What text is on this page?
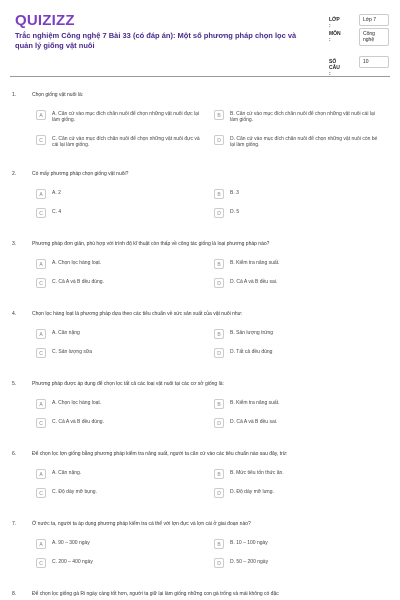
QUIZIZZ
Trắc nghiệm Công nghệ 7 Bài 33 (có đáp án): Một số phương pháp chọn lọc và quản lý giống vật nuôi
LỚP :
Lớp 7
MÔN :
Công nghệ
SỐ CÂU :
10
1.	Chọn giống vật nuôi là:
A	A. Căn cứ vào mục đích chăn nuôi để chọn những vật nuôi đực lại làm giống.
B	B. Căn cứ vào mục đích chăn nuôi để chọn những vật nuôi cái lại làm giống.
C	C. Căn cứ vào mục đích chăn nuôi để chọn những vật nuôi đực và cái lại làm giống.
D	D. Căn cứ vào mục đích chăn nuôi để chọn những vật nuôi còn bé lại làm giống.
2.	Có mấy phương pháp chọn giống vật nuôi?
A	A. 2	B	B. 3
C	C. 4	D	D. 5
3.	Phương pháp đơn giản, phù hợp với trình độ kĩ thuật còn thấp về công tác giống là loại phương pháp nào?
A	A. Chọn lọc hàng loạt.	B	B. Kiểm tra năng suất.
C	C. Cả A và B đều đúng.	D	D. Cả A và B đều sai.
4.	Chọn lọc hàng loạt là phương pháp dựa theo các tiêu chuẩn về sức sản xuất của vật nuôi như:
A	A. Cân nặng	B	B. Sản lượng trứng
C	C. Sản lượng sữa	D	D. Tất cả đều đúng
5.	Phương pháp được áp dụng để chọn lọc tất cả các loại vật nuôi tại các cơ sở giống là:
A	A. Chọn lọc hàng loạt.	B	B. Kiểm tra năng suất.
C	C. Cả A và B đều đúng.	D	D. Cả A và B đều sai.
6.	Để chọn lọc lợn giống bằng phương pháp kiểm tra năng suất, người ta căn cứ vào các tiêu chuẩn nào sau đây, trừ:
A	A. Cân nặng.	B	B. Mức tiêu tốn thức ăn.
C	C. Độ dày mỡ bụng.	D	D. Độ dày mỡ lưng.
7.	Ở nước ta, người ta áp dụng phương pháp kiểm tra cá thể với lợn đực và lợn cái ở giai đoạn nào?
A	A. 90 – 300 ngày	B	B. 10 – 100 ngày
C	C. 200 – 400 ngày	D	D. 50 – 200 ngày
8.	Để chọn lọc giống gà Ri ngày càng tốt hơn, người ta giữ lại làm giống những con gà trống và mái không có đặc
